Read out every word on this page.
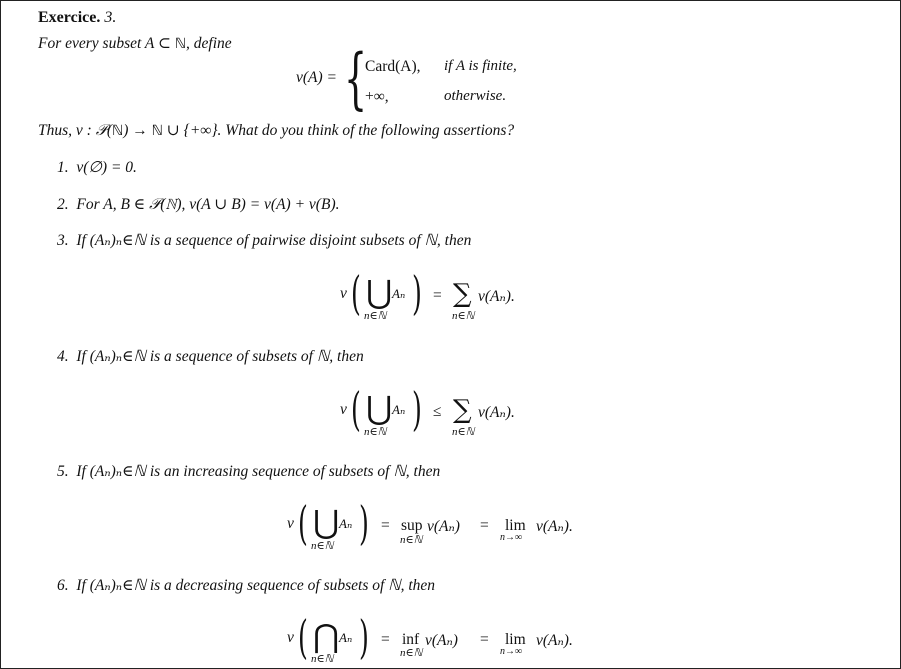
Exercice. 3.
For every subset A ⊂ ℕ, define
ν(A) = {
Card(A), if A is finite,
+∞,	otherwise.
Thus, ν : 𝒫(ℕ) → ℕ ∪ {+∞}. What do you think of the following assertions?
1. ν(∅) = 0.
2. For A, B ∈ 𝒫(ℕ), ν(A ∪ B) = ν(A) + ν(B).
3. If (Aₙ)ₙ∈ℕ is a sequence of pairwise disjoint subsets of ℕ, then
ν ( ⋃ Aₙ
n∈ℕ ) = ∑ ν(Aₙ).
n∈ℕ
4. If (Aₙ)ₙ∈ℕ is a sequence of subsets of ℕ, then
ν ( ⋃ Aₙ
n∈ℕ ) ≤ ∑ ν(Aₙ).
n∈ℕ
5. If (Aₙ)ₙ∈ℕ is an increasing sequence of subsets of ℕ, then
ν ( ⋃ Aₙ
n∈ℕ ) = sup ν(Aₙ)
n∈ℕ
= lim
n→∞
ν(Aₙ).
6. If (Aₙ)ₙ∈ℕ is a decreasing sequence of subsets of ℕ, then
ν ( ⋂ Aₙ
n∈ℕ ) = inf ν(Aₙ)
n∈ℕ
= lim
n→∞
ν(Aₙ).
